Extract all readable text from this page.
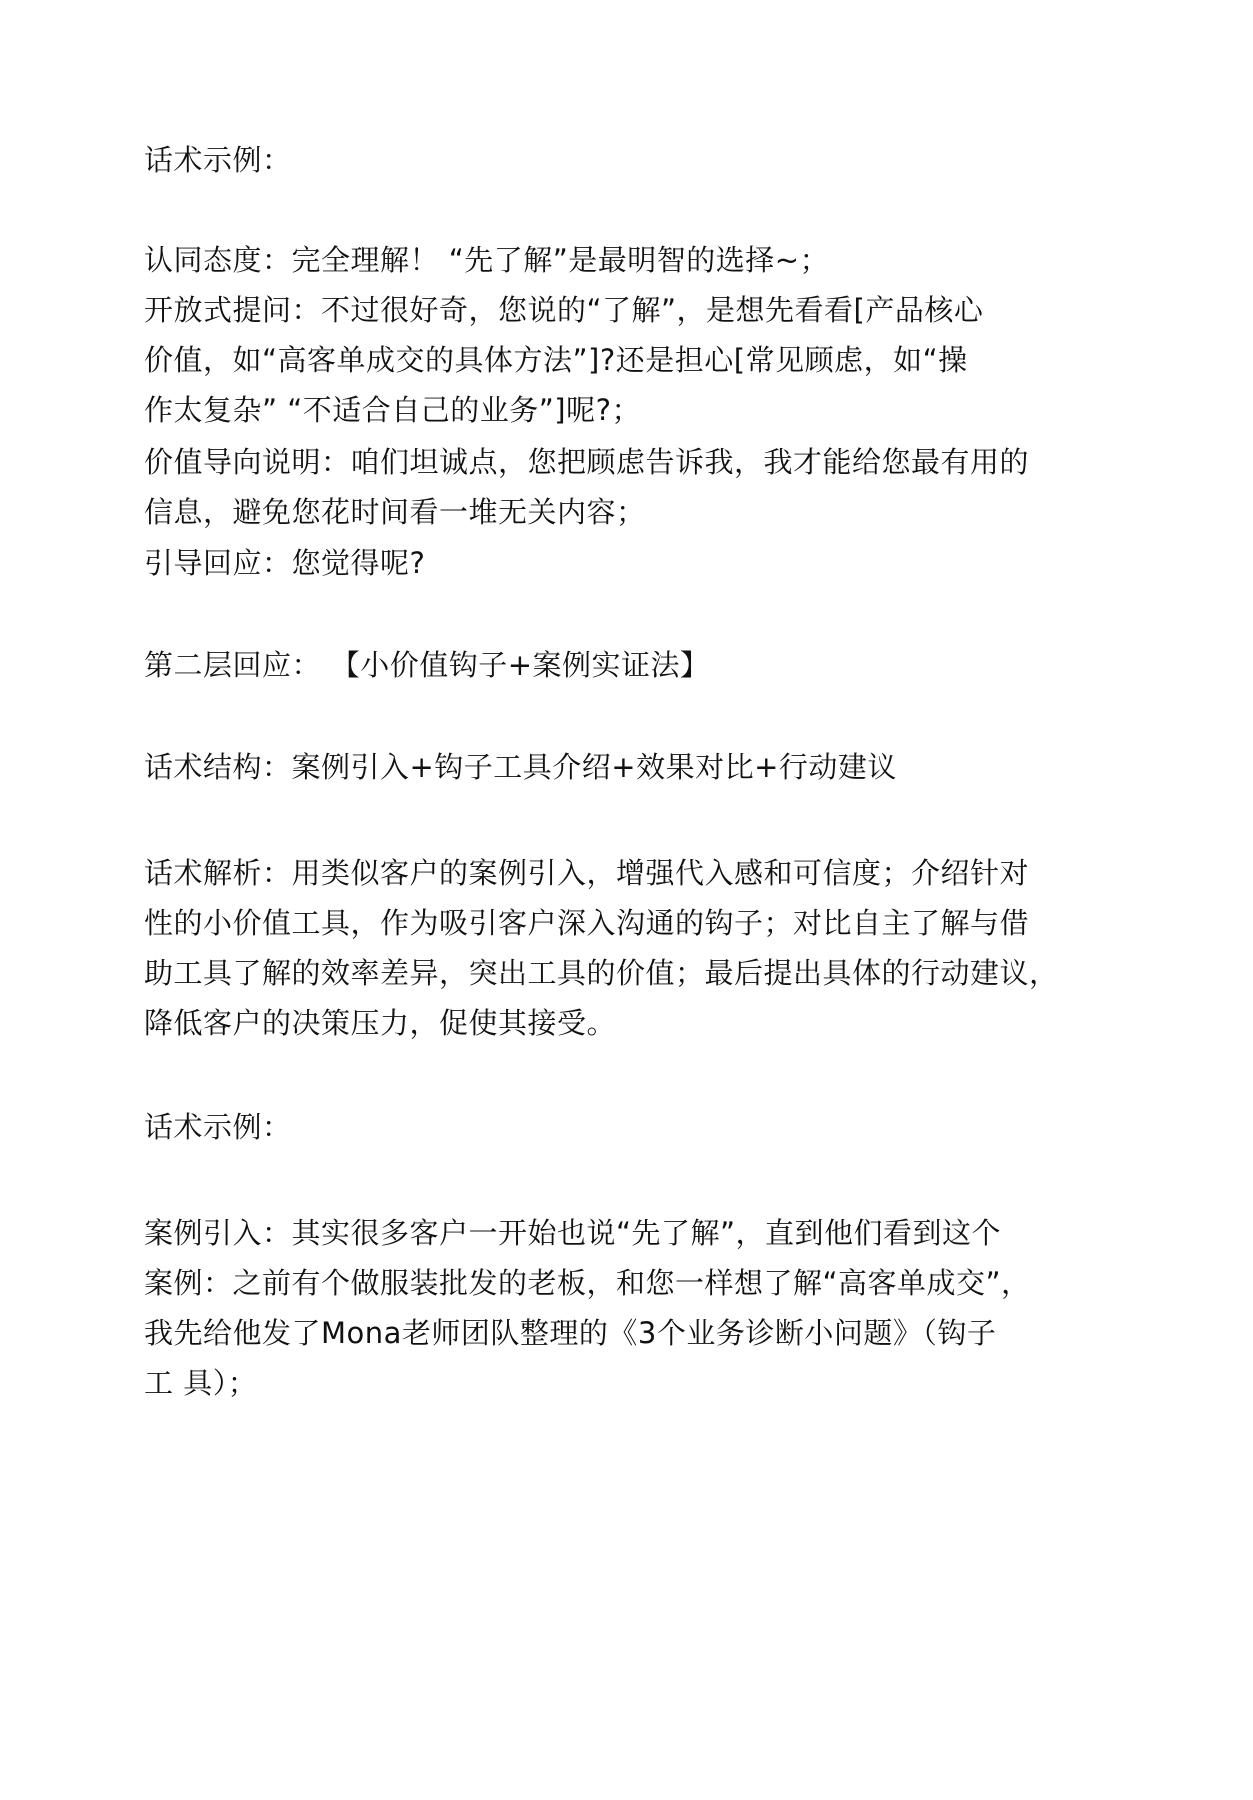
话术示例：

认同态度：完全理解！ “先了解”是最明智的选择~；

开放式提问：不过很好奇，您说的“了解”，是想先看看[产品核心

价值，如“高客单成交的具体方法”]?还是担心[常见顾虑，如“操

作太复杂” “不适合自己的业务”]呢?；

价值导向说明：咱们坦诚点，您把顾虑告诉我，我才能给您最有用的

信息，避免您花时间看一堆无关内容；

引导回应：您觉得呢?

第二层回应： 【小价值钩子+案例实证法】

话术结构：案例引入+钩子工具介绍+效果对比+行动建议

话术解析：用类似客户的案例引入，增强代入感和可信度；介绍针对

性的小价值工具，作为吸引客户深入沟通的钩子；对比自主了解与借

助工具了解的效率差异，突出工具的价值；最后提出具体的行动建议，

降低客户的决策压力，促使其接受。

话术示例：

案例引入：其实很多客户一开始也说“先了解”，直到他们看到这个

案例：之前有个做服装批发的老板，和您一样想了解“高客单成交”，

我先给他发了Mona老师团队整理的《3个业务诊断小问题》（钩子

工 具）；
